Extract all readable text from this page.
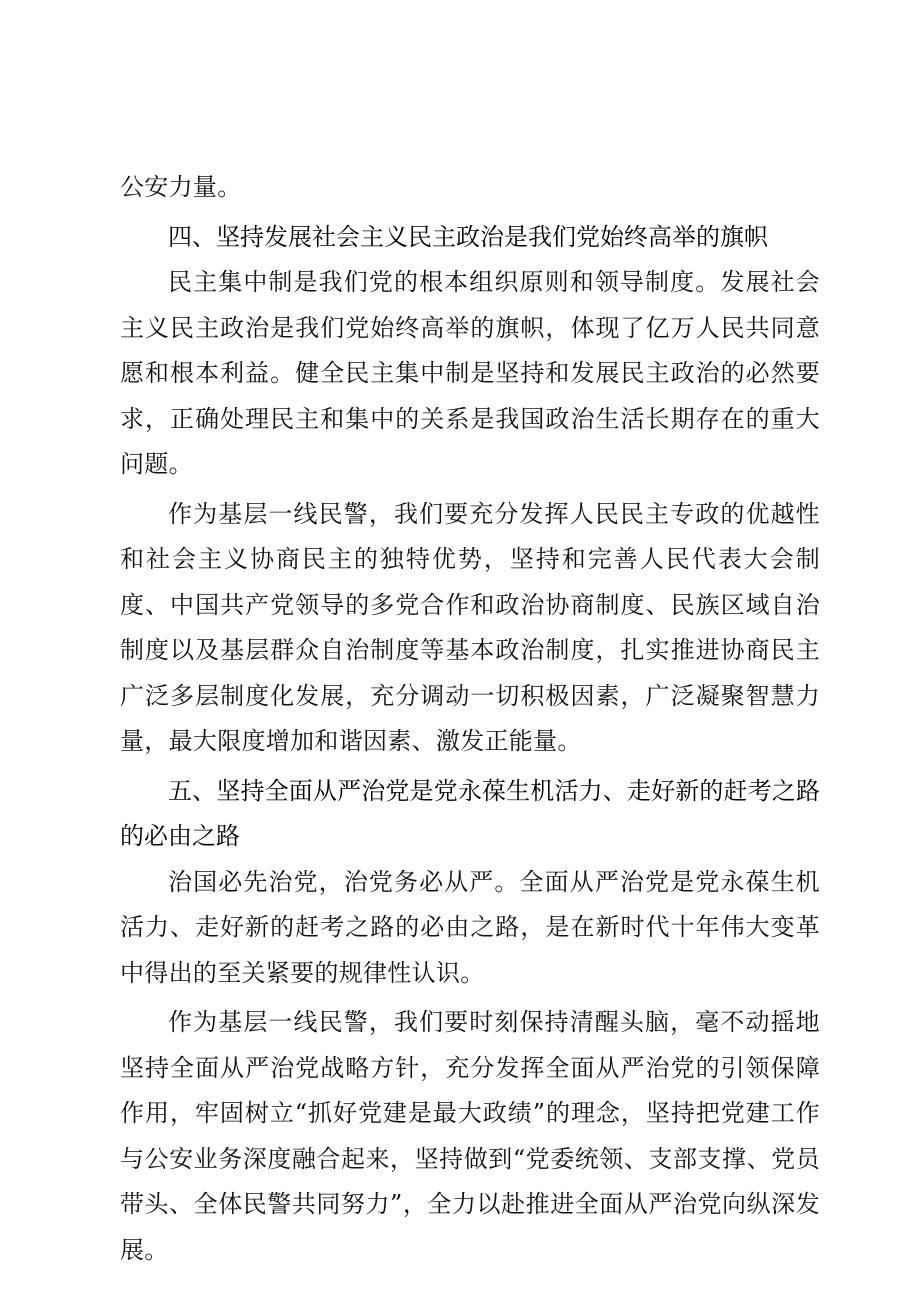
公安力量。

四、坚持发展社会主义民主政治是我们党始终高举的旗帜

民主集中制是我们党的根本组织原则和领导制度。发展社会主义民主政治是我们党始终高举的旗帜，体现了亿万人民共同意愿和根本利益。健全民主集中制是坚持和发展民主政治的必然要求，正确处理民主和集中的关系是我国政治生活长期存在的重大问题。

作为基层一线民警，我们要充分发挥人民民主专政的优越性和社会主义协商民主的独特优势，坚持和完善人民代表大会制度、中国共产党领导的多党合作和政治协商制度、民族区域自治制度以及基层群众自治制度等基本政治制度，扎实推进协商民主广泛多层制度化发展，充分调动一切积极因素，广泛凝聚智慧力量，最大限度增加和谐因素、激发正能量。

五、坚持全面从严治党是党永葆生机活力、走好新的赶考之路的必由之路

治国必先治党，治党务必从严。全面从严治党是党永葆生机活力、走好新的赶考之路的必由之路，是在新时代十年伟大变革中得出的至关紧要的规律性认识。

作为基层一线民警，我们要时刻保持清醒头脑，毫不动摇地坚持全面从严治党战略方针，充分发挥全面从严治党的引领保障作用，牢固树立“抓好党建是最大政绩”的理念，坚持把党建工作与公安业务深度融合起来，坚持做到“党委统领、支部支撑、党员带头、全体民警共同努力”，全力以赴推进全面从严治党向纵深发展。
